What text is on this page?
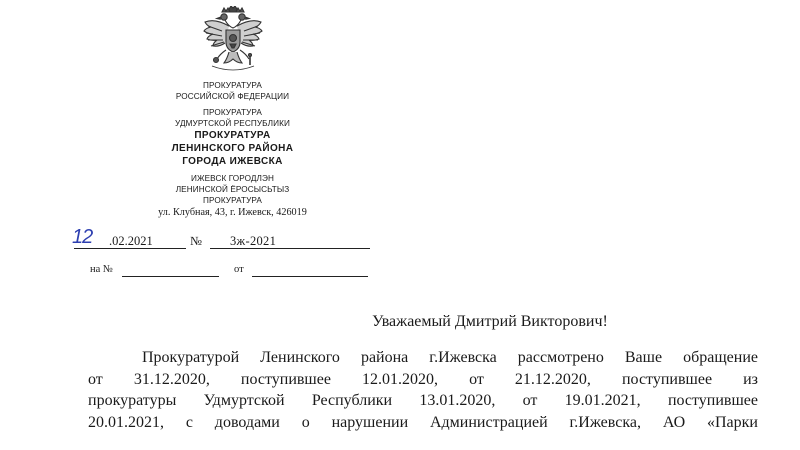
ПРОКУРАТУРА
РОССИЙСКОЙ ФЕДЕРАЦИИ
ПРОКУРАТУРА
УДМУРТСКОЙ РЕСПУБЛИКИ
ПРОКУРАТУРА
ЛЕНИНСКОГО РАЙОНА
ГОРОДА ИЖЕВСКА
ИЖЕВСК ГОРОДЛЭН
ЛЕНИНСКОЙ ЁРОСЫСЬТЫЗ
ПРОКУРАТУРА
ул. Клубная, 43, г. Ижевск, 426019
12 .02.2021	№ 3ж-2021
на №	от
Уважаемый Дмитрий Викторович!
Прокуратурой Ленинского района г.Ижевска рассмотрено Ваше обращение
от 31.12.2020, поступившее 12.01.2020, от 21.12.2020, поступившее из
прокуратуры Удмуртской Республики 13.01.2020, от 19.01.2021, поступившее
20.01.2021, с доводами о нарушении Администрацией г.Ижевска, АО «Парки
